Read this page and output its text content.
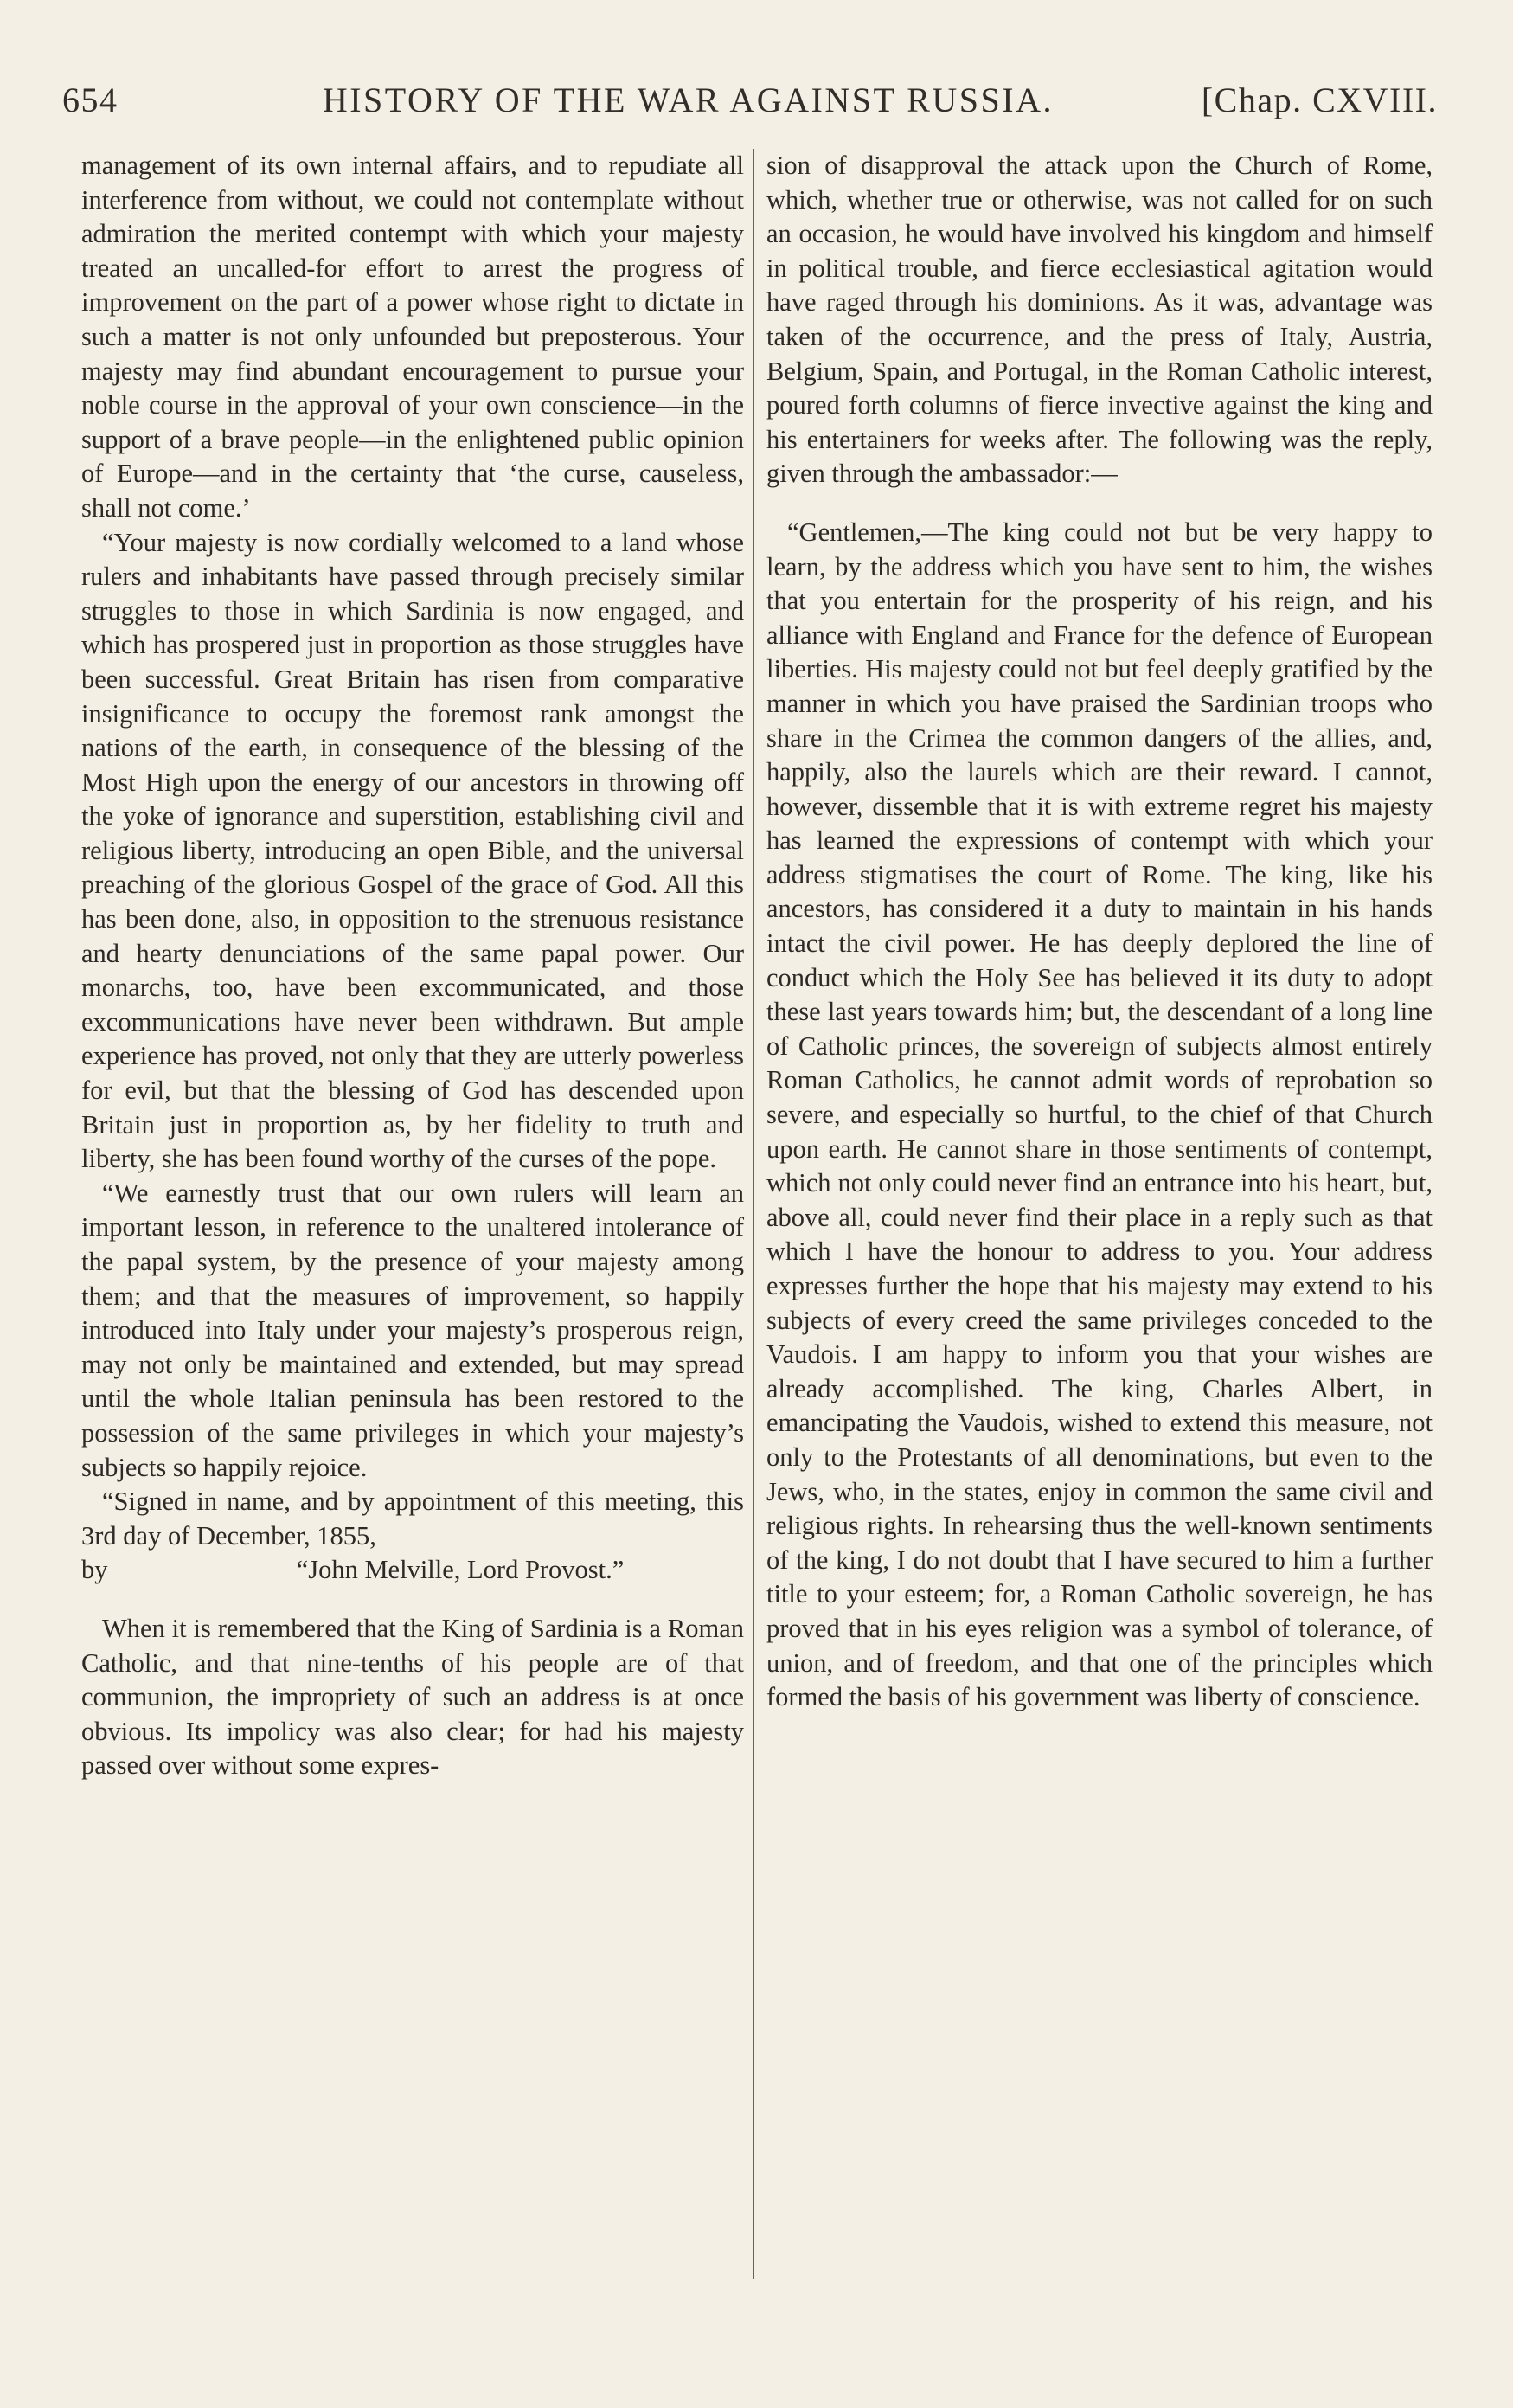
654	HISTORY OF THE WAR AGAINST RUSSIA.	[Chap. CXVIII.

management of its own internal affairs, and to repudiate all interference from without, we could not contemplate without admiration the merited contempt with which your majesty treated an uncalled-for effort to arrest the progress of improvement on the part of a power whose right to dictate in such a matter is not only unfounded but preposterous. Your majesty may find abundant encouragement to pursue your noble course in the approval of your own conscience—in the support of a brave people—in the enlightened public opinion of Europe—and in the certainty that ‘the curse, causeless, shall not come.’

“Your majesty is now cordially welcomed to a land whose rulers and inhabitants have passed through precisely similar struggles to those in which Sardinia is now engaged, and which has prospered just in proportion as those struggles have been successful. Great Britain has risen from comparative insignificance to occupy the foremost rank amongst the nations of the earth, in consequence of the blessing of the Most High upon the energy of our ancestors in throwing off the yoke of ignorance and superstition, establishing civil and religious liberty, introducing an open Bible, and the universal preaching of the glorious Gospel of the grace of God. All this has been done, also, in opposition to the strenuous resistance and hearty denunciations of the same papal power. Our monarchs, too, have been excommunicated, and those excommunications have never been withdrawn. But ample experience has proved, not only that they are utterly powerless for evil, but that the blessing of God has descended upon Britain just in proportion as, by her fidelity to truth and liberty, she has been found worthy of the curses of the pope.

“We earnestly trust that our own rulers will learn an important lesson, in reference to the unaltered intolerance of the papal system, by the presence of your majesty among them; and that the measures of improvement, so happily introduced into Italy under your majesty’s prosperous reign, may not only be maintained and extended, but may spread until the whole Italian peninsula has been restored to the possession of the same privileges in which your majesty’s subjects so happily rejoice.

“Signed in name, and by appointment of this meeting, this 3rd day of December, 1855,

by	“John Melville, Lord Provost.”

When it is remembered that the King of Sardinia is a Roman Catholic, and that nine-tenths of his people are of that communion, the impropriety of such an address is at once obvious. Its impolicy was also clear; for had his majesty passed over without some expres-

sion of disapproval the attack upon the Church of Rome, which, whether true or otherwise, was not called for on such an occasion, he would have involved his kingdom and himself in political trouble, and fierce ecclesiastical agitation would have raged through his dominions. As it was, advantage was taken of the occurrence, and the press of Italy, Austria, Belgium, Spain, and Portugal, in the Roman Catholic interest, poured forth columns of fierce invective against the king and his entertainers for weeks after. The following was the reply, given through the ambassador:—

“Gentlemen,—The king could not but be very happy to learn, by the address which you have sent to him, the wishes that you entertain for the prosperity of his reign, and his alliance with England and France for the defence of European liberties. His majesty could not but feel deeply gratified by the manner in which you have praised the Sardinian troops who share in the Crimea the common dangers of the allies, and, happily, also the laurels which are their reward. I cannot, however, dissemble that it is with extreme regret his majesty has learned the expressions of contempt with which your address stigmatises the court of Rome. The king, like his ancestors, has considered it a duty to maintain in his hands intact the civil power. He has deeply deplored the line of conduct which the Holy See has believed it its duty to adopt these last years towards him; but, the descendant of a long line of Catholic princes, the sovereign of subjects almost entirely Roman Catholics, he cannot admit words of reprobation so severe, and especially so hurtful, to the chief of that Church upon earth. He cannot share in those sentiments of contempt, which not only could never find an entrance into his heart, but, above all, could never find their place in a reply such as that which I have the honour to address to you. Your address expresses further the hope that his majesty may extend to his subjects of every creed the same privileges conceded to the Vaudois. I am happy to inform you that your wishes are already accomplished. The king, Charles Albert, in emancipating the Vaudois, wished to extend this measure, not only to the Protestants of all denominations, but even to the Jews, who, in the states, enjoy in common the same civil and religious rights. In rehearsing thus the well-known sentiments of the king, I do not doubt that I have secured to him a further title to your esteem; for, a Roman Catholic sovereign, he has proved that in his eyes religion was a symbol of tolerance, of union, and of freedom, and that one of the principles which formed the basis of his government was liberty of conscience.
